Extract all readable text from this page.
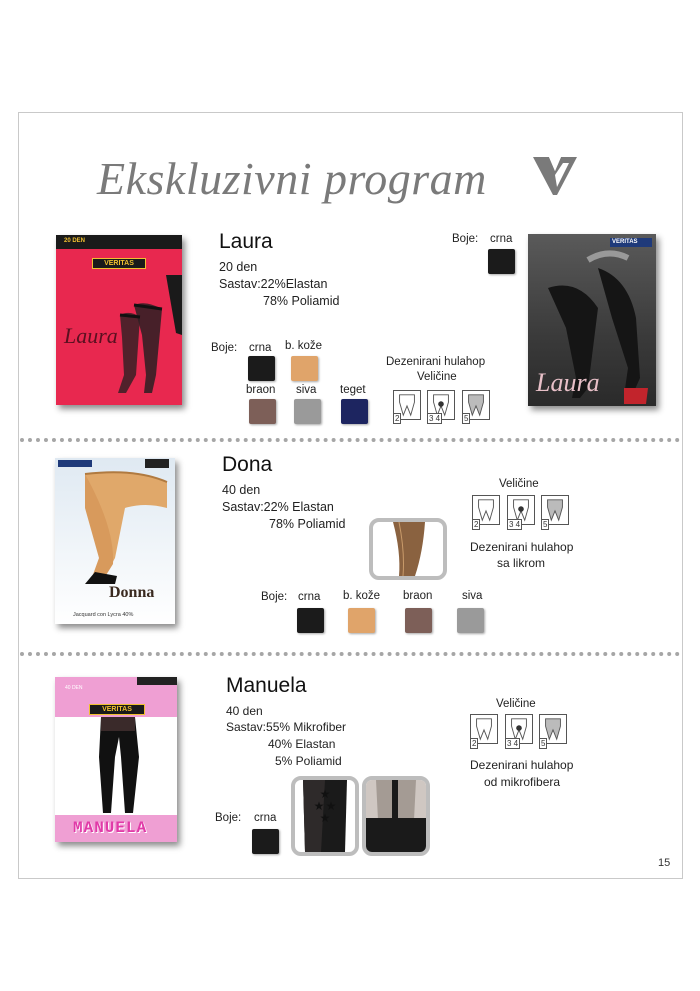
Ekskluzivni program
20 DEN
VERITAS
Laura
Laura
20 den
Sastav:22%Elastan
78% Poliamid
Boje: crna b. kože
braon siva teget
Dezenirani hulahop
Veličine
2	3 4	5
Boje: crna	VERITAS
Laura
Donna
Jacquard con Lycra 40%
Dona
40 den
Sastav:22% Elastan
78% Poliamid
Veličine
2	3 4	5
Dezenirani hulahop
sa likrom
Boje: crna b. kože braon	siva
40 DEN
VERITAS
MANUELA
Manuela
40 den
Sastav:55% Mikrofiber
40% Elastan
5% Poliamid
Boje: crna
★
★ ★
★
Veličine
2	3 4	5
Dezenirani hulahop
od mikrofibera
15
